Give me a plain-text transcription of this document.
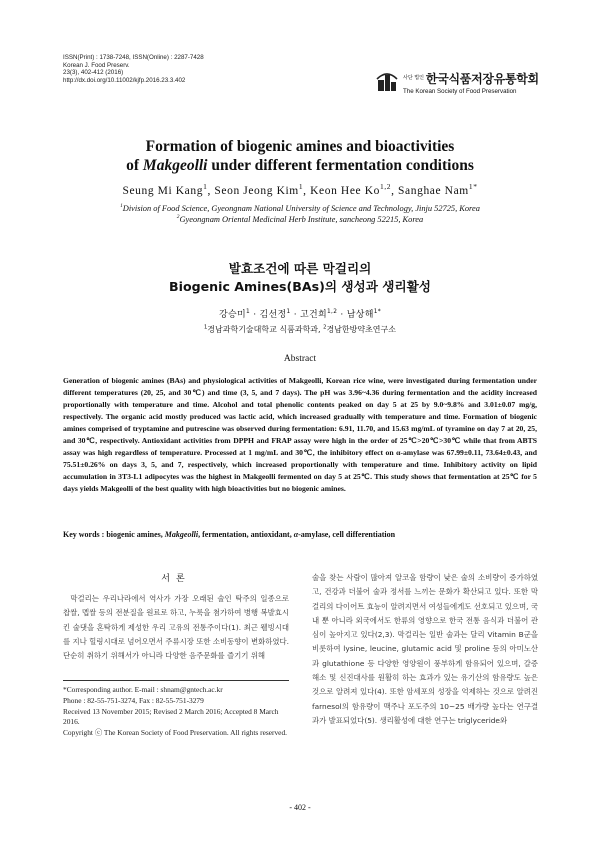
ISSN(Print) : 1738-7248, ISSN(Online) : 2287-7428
Korean J. Food Preserv.
23(3), 402-412 (2016)
http://dx.doi.org/10.11002/kjfp.2016.23.3.402	사단 법인 한국식품저장유통학회
The Korean Society of Food Preservation
Formation of biogenic amines and bioactivities
of Makgeolli under different fermentation conditions
Seung Mi Kang$^1$, Seon Jeong Kim$^1$, Keon Hee Ko$^{1,2}$, Sanghae Nam$^{1*}$
$^1$Division of Food Science, Gyeongnam National University of Science and Technology, Jinju 52725, Korea
$^2$Gyeongnam Oriental Medicinal Herb Institute, sancheong 52215, Korea
발효조건에 따른 막걸리의
Biogenic Amines(BAs)의 생성과 생리활성
강승미$^1$ · 김선정$^1$ · 고건희$^{1,2}$ · 남상해$^{1*}$
$^1$경남과학기술대학교 식품과학과, $^2$경남한방약초연구소
Abstract
Generation of biogenic amines (BAs) and physiological activities of Makgeolli, Korean rice wine, were investigated during fermentation under different temperatures (20, 25, and 30℃) and time (3, 5, and 7 days). The pH was 3.96~4.36 during fermentation and the acidity increased proportionally with temperature and time. Alcohol and total phenolic contents peaked on day 5 at 25 by 9.0~9.8% and 3.01±0.07 mg/g, respectively. The organic acid mostly produced was lactic acid, which increased gradually with temperature and time. Formation of biogenic amines comprised of tryptamine and putrescine was observed during fermentation: 6.91, 11.70, and 15.63 mg/mL of tyramine on day 7 at 20, 25, and 30℃, respectively. Antioxidant activities from DPPH and FRAP assay were high in the order of 25℃>20℃>30℃ while that from ABTS assay was high regardless of temperature. Processed at 1 mg/mL and 30℃, the inhibitory effect on α-amylase was 67.99±0.11, 73.64±0.43, and 75.51±0.26% on days 3, 5, and 7, respectively, which increased proportionally with temperature and time. Inhibitory activity on lipid accumulation in 3T3-L1 adipocytes was the highest in Makgeolli fermented on day 5 at 25℃. This study shows that fermentation at 25℃ for 5 days yields Makgeolli of the best quality with high bioactivities but no biogenic amines.
Key words : biogenic amines, Makgeolli, fermentation, antioxidant, α-amylase, cell differentiation
서론
막걸리는 우리나라에서 역사가 가장 오래된 술인 탁주의 일종으로 찹쌀, 멥쌀 등의 전분질을 원료로 하고, 누룩을 첨가하여 병행 복발효시킨 술댓을 혼탁하게 제성한 우리 고유의 전통주이다(1). 최근 웰빙시대를 지나 힐링시대로 넘어오면서 주류시장 또한 소비동향이 변화하였다. 단순히 취하기 위해서가 아니라 다양한 음주문화를 즐기기 위해
술을 찾는 사람이 많아져 알코올 함량이 낮은 술의 소비량이 증가하였고, 건강과 더불어 술과 정서를 느끼는 문화가 확산되고 있다. 또한 막걸리의 다이어트 효능이 알려지면서 여성들에게도 선호되고 있으며, 국내 뿐 아니라 외국에서도 한류의 영향으로 한국 전통 음식과 더불어 관심이 높아지고 있다(2,3). 막걸리는 일반 술과는 달리 Vitamin B군을 비롯하여 lysine, leucine, glutamic acid 및 proline 등의 아미노산과 glutathione 등 다양한 영양원이 풍부하게 함유되어 있으며, 갈증해소 및 신진대사를 원활히 하는 효과가 있는 유기산의 함유량도 높은 것으로 알려져 있다(4). 또한 암세포의 성장을 억제하는 것으로 알려진 farnesol의 함유량이 맥주나 포도주의 10~25 배가량 높다는 연구결과가 발표되었다(5). 생리활성에 대한 연구는 triglyceride와

*Corresponding author. E-mail : shnam@gntech.ac.kr

Phone : 82-55-751-3274, Fax : 82-55-751-3279

Received 13 November 2015; Revised 2 March 2016; Accepted 8 March 2016.

Copyright ⓒ The Korean Society of Food Preservation. All rights reserved.

- 402 -
